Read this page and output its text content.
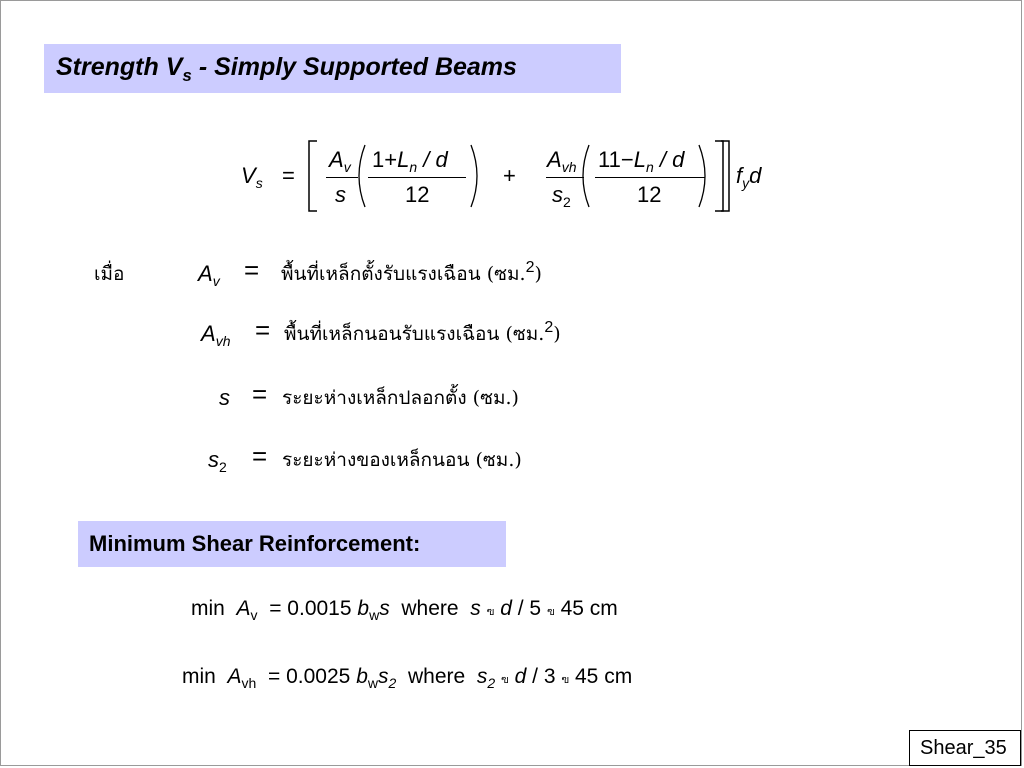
Strength $V_s$ - Simply Supported Beams
$V_s$ =
$A_v$
s
$1+L_n / d$
12
+
$A_{vh}$
$s_2$
$11-L_n / d$
12
$f_yd$
เมื่อ	$A_v$ = พื้นที่เหล็กตั้งรับแรงเฉือน (ซม.$^2$)
$A_{vh}$ = พื้นที่เหล็กนอนรับแรงเฉือน (ซม.$^2$)
s = ระยะห่างเหล็กปลอกตั้ง (ซม.)
$s_2$ = ระยะห่างของเหล็กนอน (ซม.)
Minimum Shear Reinforcement:
$\min A_v = 0.0015$ $b_ws$ where s ฃ d / 5 ฃ 45 cm
$\min A_{vh} = 0.0025$ $b_ws_2$ where $s_2$ ฃ d / 3 ฃ 45 cm
Shear_35
